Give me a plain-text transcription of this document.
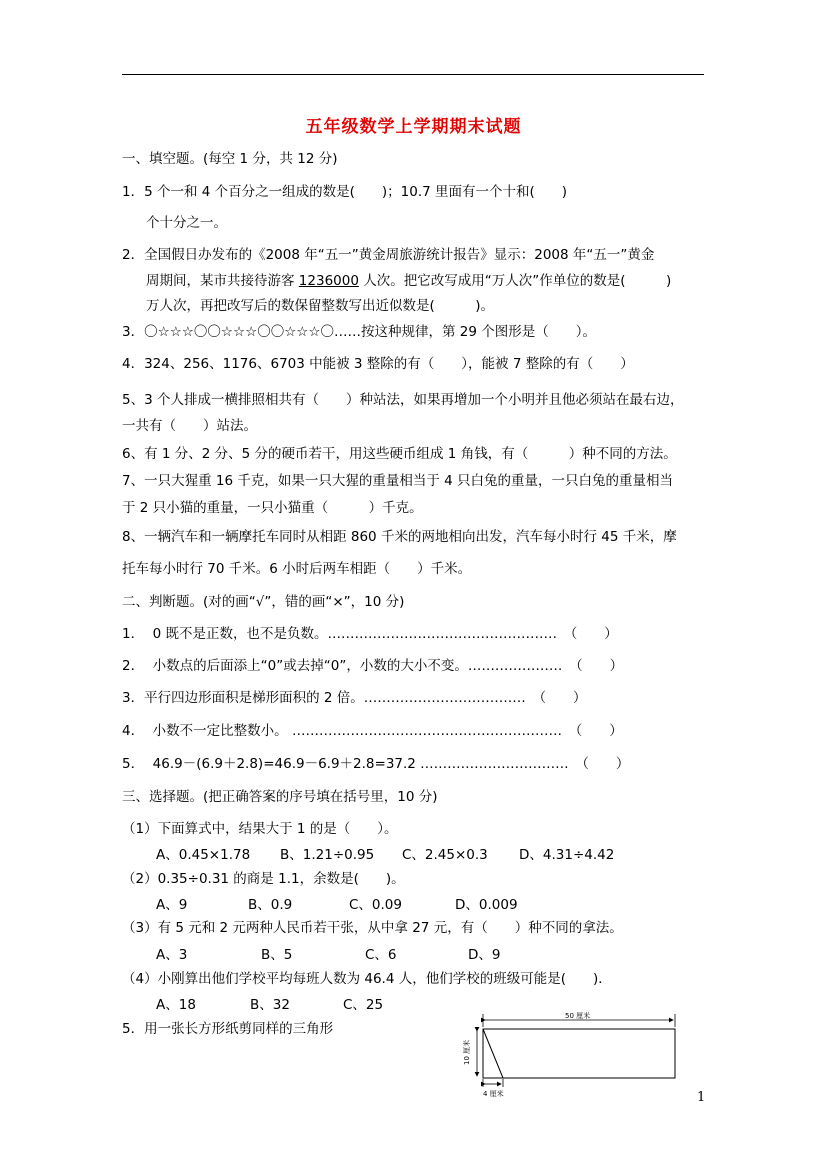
五年级数学上学期期末试题
一、填空题。(每空 1 分，共 12 分)
1．5 个一和 4 个百分之一组成的数是(　　)；10.7 里面有一个十和(　　)
个十分之一。
2．全国假日办发布的《2008 年“五一”黄金周旅游统计报告》显示：2008 年“五一”黄金
周期间，某市共接待游客 1236000 人次。把它改写成用“万人次”作单位的数是(　　　)
万人次，再把改写后的数保留整数写出近似数是(　　　)。
3．〇☆☆☆〇〇☆☆☆〇〇☆☆☆〇……按这种规律，第 29 个图形是（　　）。
4．324、256、1176、6703 中能被 3 整除的有（　　），能被 7 整除的有（　　）
5、3 个人排成一横排照相共有（　　）种站法，如果再增加一个小明并且他必须站在最右边，
一共有（　　）站法。
6、有 1 分、2 分、5 分的硬币若干，用这些硬币组成 1 角钱，有（　　　）种不同的方法。
7、一只大猩重 16 千克，如果一只大猩的重量相当于 4 只白兔的重量，一只白兔的重量相当
于 2 只小猫的重量，一只小猫重（　　　）千克。
8、一辆汽车和一辆摩托车同时从相距 860 千米的两地相向出发，汽车每小时行 45 千米，摩
托车每小时行 70 千米。6 小时后两车相距（　　）千米。
二、判断题。(对的画“√”，错的画“×”，10 分)
1．  0 既不是正数，也不是负数。……………………………………………　（　　）
2．  小数点的后面添上“0”或去掉“0”，小数的大小不变。…………………　（　　）
3．平行四边形面积是梯形面积的 2 倍。………………………………　（　　）
4．  小数不一定比整数小。 ……………………………………………………　（　　）
5．  46.9－(6.9＋2.8)=46.9－6.9＋2.8=37.2 ……………………………　（　　）
三、选择题。(把正确答案的序号填在括号里，10 分)
（1）下面算式中，结果大于 1 的是（　　）。
A、0.45×1.78 B、1.21÷0.95 C、2.45×0.3 D、4.31÷4.42
（2）0.35÷0.31 的商是 1.1，余数是(　　)。
A、9	B、0.9	C、0.09	D、0.009
（3）有 5 元和 2 元两种人民币若干张，从中拿 27 元，有（　　）种不同的拿法。
A、3	B、5	C、6	D、9
（4）小刚算出他们学校平均每班人数为 46.4 人，他们学校的班级可能是(　　)．
A、18	B、32	C、25
5．用一张长方形纸剪同样的三角形
50 厘米
10 厘米
4 厘米	1
